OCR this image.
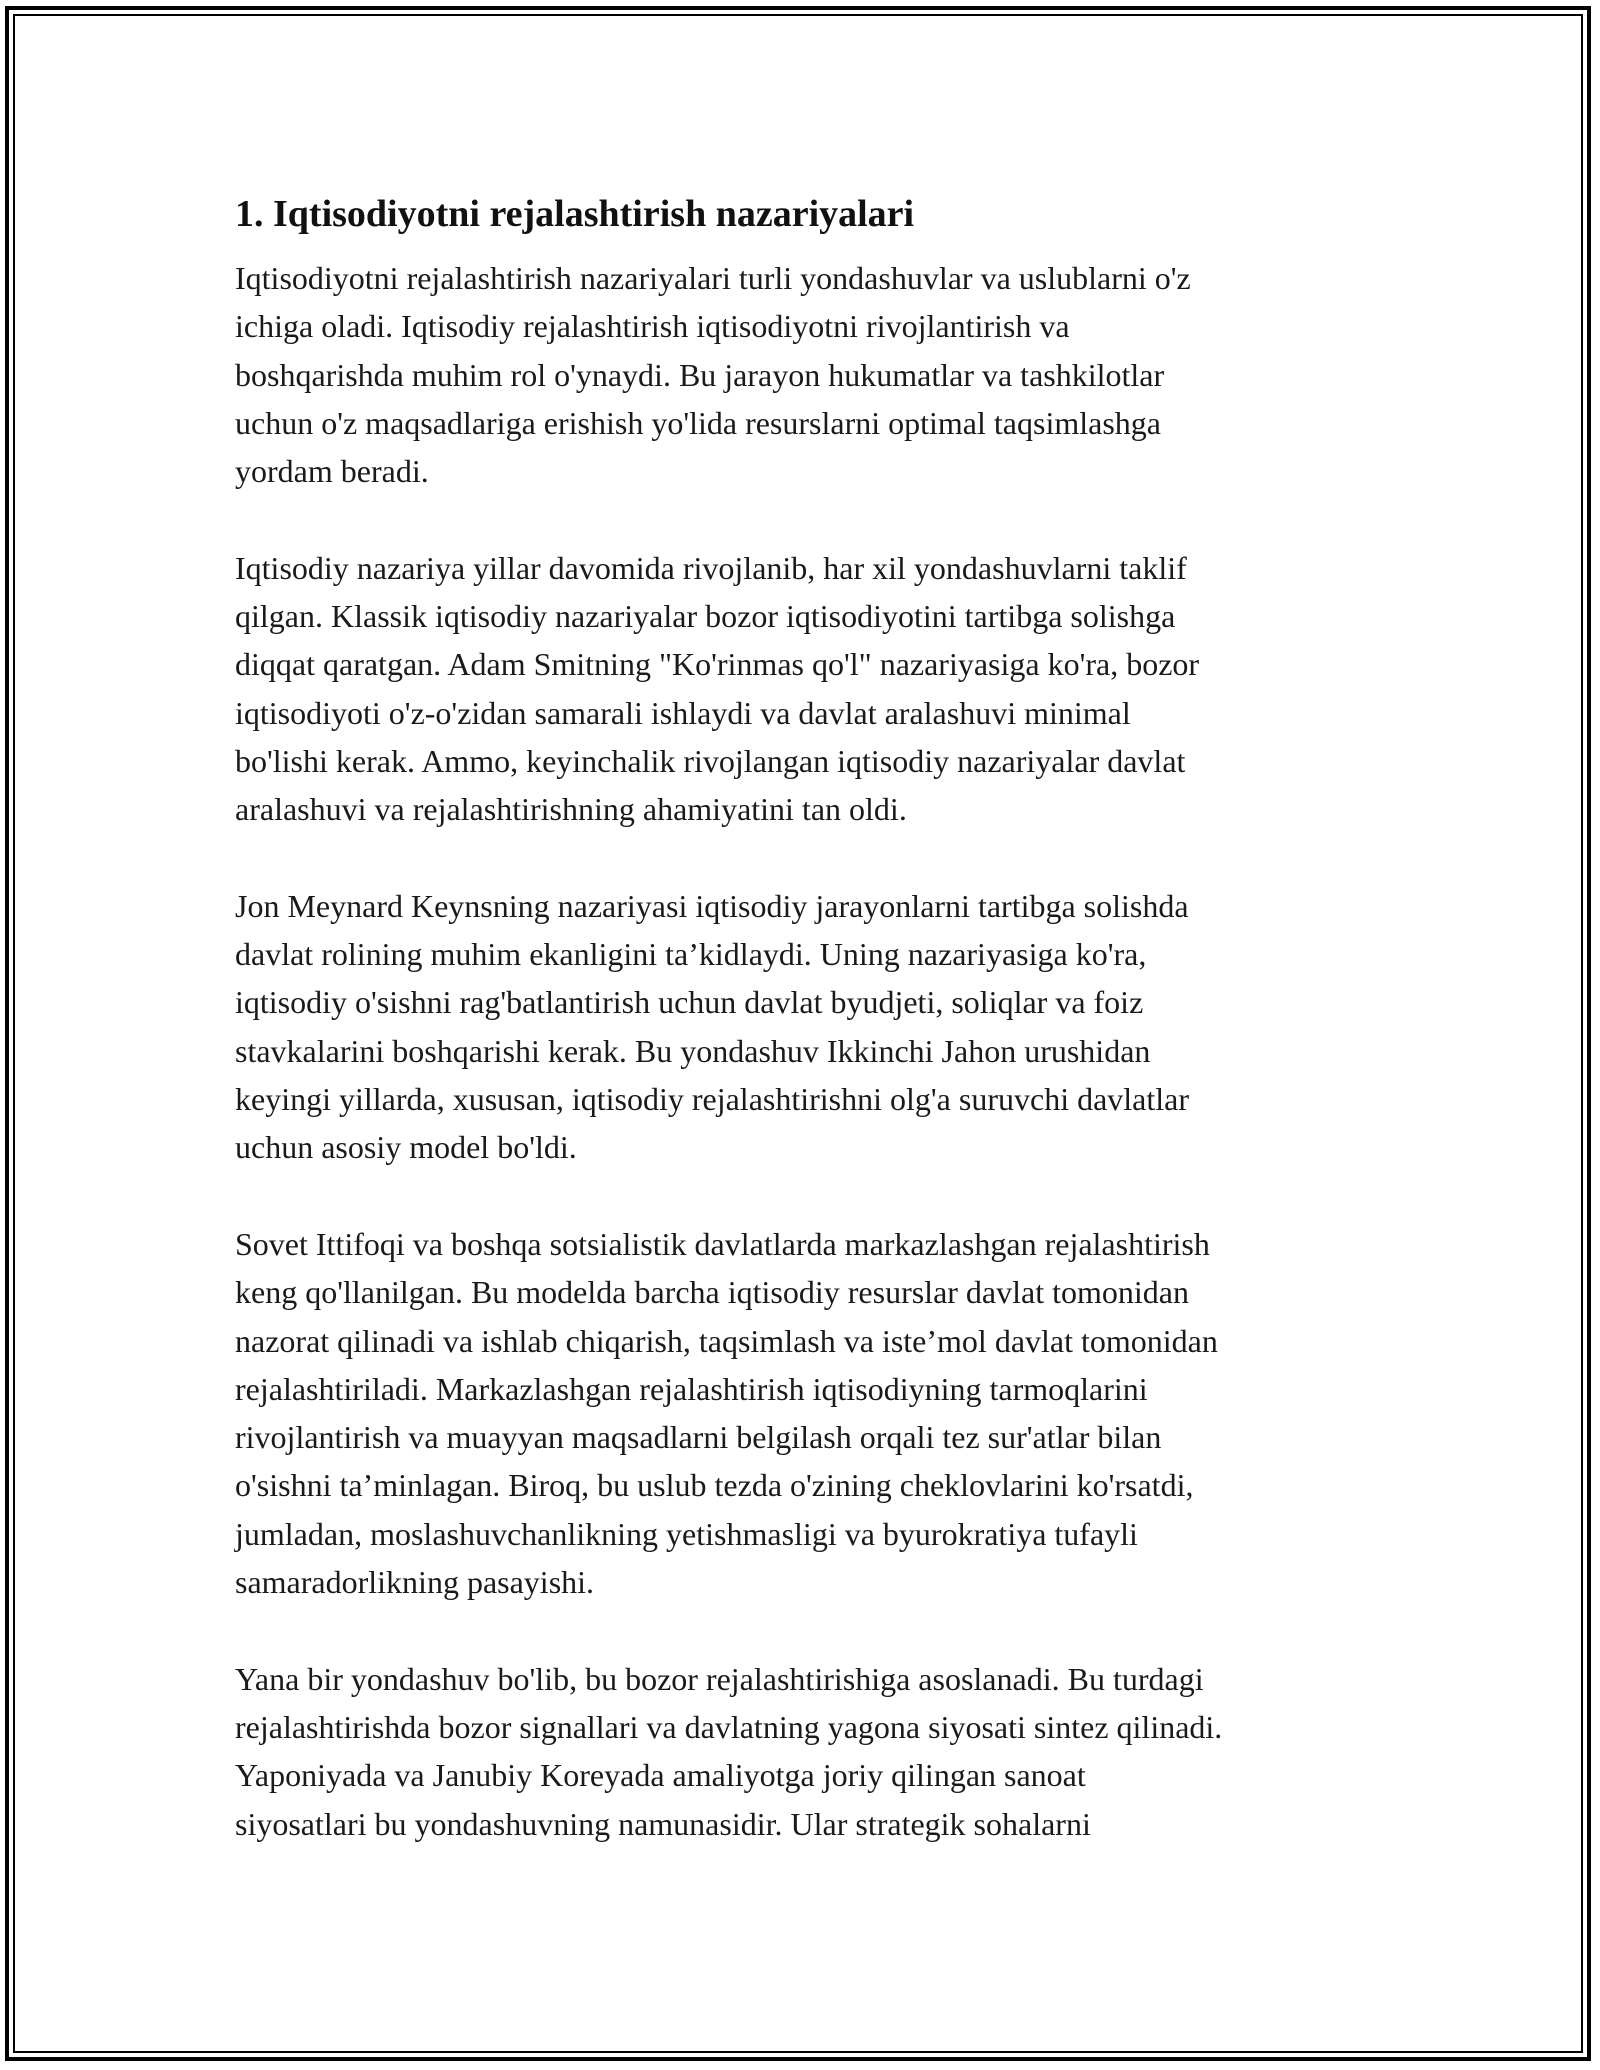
1. Iqtisodiyotni rejalashtirish nazariyalari
Iqtisodiyotni rejalashtirish nazariyalari turli yondashuvlar va uslublarni o'z
ichiga oladi. Iqtisodiy rejalashtirish iqtisodiyotni rivojlantirish va
boshqarishda muhim rol o'ynaydi. Bu jarayon hukumatlar va tashkilotlar
uchun o'z maqsadlariga erishish yo'lida resurslarni optimal taqsimlashga
yordam beradi.
Iqtisodiy nazariya yillar davomida rivojlanib, har xil yondashuvlarni taklif
qilgan. Klassik iqtisodiy nazariyalar bozor iqtisodiyotini tartibga solishga
diqqat qaratgan. Adam Smitning "Ko'rinmas qo'l" nazariyasiga ko'ra, bozor
iqtisodiyoti o'z-o'zidan samarali ishlaydi va davlat aralashuvi minimal
bo'lishi kerak. Ammo, keyinchalik rivojlangan iqtisodiy nazariyalar davlat
aralashuvi va rejalashtirishning ahamiyatini tan oldi.
Jon Meynard Keynsning nazariyasi iqtisodiy jarayonlarni tartibga solishda
davlat rolining muhim ekanligini ta’kidlaydi. Uning nazariyasiga ko'ra,
iqtisodiy o'sishni rag'batlantirish uchun davlat byudjeti, soliqlar va foiz
stavkalarini boshqarishi kerak. Bu yondashuv Ikkinchi Jahon urushidan
keyingi yillarda, xususan, iqtisodiy rejalashtirishni olg'a suruvchi davlatlar
uchun asosiy model bo'ldi.
Sovet Ittifoqi va boshqa sotsialistik davlatlarda markazlashgan rejalashtirish
keng qo'llanilgan. Bu modelda barcha iqtisodiy resurslar davlat tomonidan
nazorat qilinadi va ishlab chiqarish, taqsimlash va iste’mol davlat tomonidan
rejalashtiriladi. Markazlashgan rejalashtirish iqtisodiyning tarmoqlarini
rivojlantirish va muayyan maqsadlarni belgilash orqali tez sur'atlar bilan
o'sishni ta’minlagan. Biroq, bu uslub tezda o'zining cheklovlarini ko'rsatdi,
jumladan, moslashuvchanlikning yetishmasligi va byurokratiya tufayli
samaradorlikning pasayishi.
Yana bir yondashuv bo'lib, bu bozor rejalashtirishiga asoslanadi. Bu turdagi
rejalashtirishda bozor signallari va davlatning yagona siyosati sintez qilinadi.
Yaponiyada va Janubiy Koreyada amaliyotga joriy qilingan sanoat
siyosatlari bu yondashuvning namunasidir. Ular strategik sohalarni
